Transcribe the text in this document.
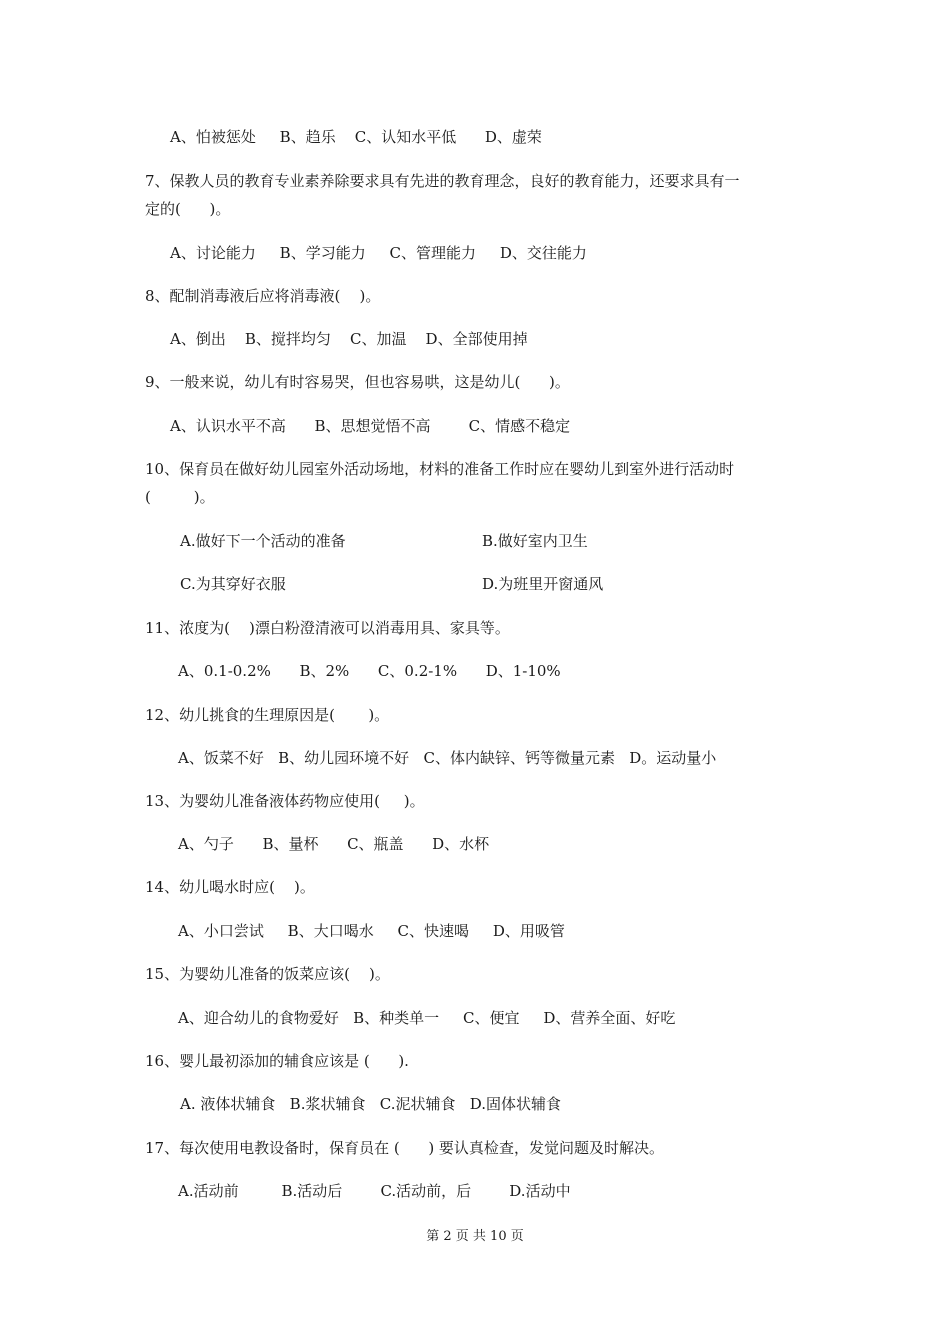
A、怕被惩处     B、趋乐    C、认知水平低      D、虚荣
7、保教人员的教育专业素养除要求具有先进的教育理念，良好的教育能力，还要求具有一
定的(      )。
A、讨论能力     B、学习能力     C、管理能力     D、交往能力
8、配制消毒液后应将消毒液(    )。
A、倒出    B、搅拌均匀    C、加温    D、全部使用掉
9、一般来说，幼儿有时容易哭，但也容易哄，这是幼儿(      )。
A、认识水平不高      B、思想觉悟不高        C、情感不稳定
10、保育员在做好幼儿园室外活动场地，材料的准备工作时应在婴幼儿到室外进行活动时
(         )。
A.做好下一个活动的准备	B.做好室内卫生
C.为其穿好衣服	D.为班里开窗通风
11、浓度为(    )漂白粉澄清液可以消毒用具、家具等。
A、0.1-0.2%      B、2%      C、0.2-1%      D、1-10%
12、幼儿挑食的生理原因是(       )。
A、饭菜不好   B、幼儿园环境不好   C、体内缺锌、钙等微量元素   D。运动量小
13、为婴幼儿准备液体药物应使用(     )。
A、勺子      B、量杯      C、瓶盖      D、水杯
14、幼儿喝水时应(    )。
A、小口尝试     B、大口喝水     C、快速喝     D、用吸管
15、为婴幼儿准备的饭菜应该(    )。
A、迎合幼儿的食物爱好   B、种类单一     C、便宜     D、营养全面、好吃
16、婴儿最初添加的辅食应该是 (      ).
A. 液体状辅食   B.浆状辅食   C.泥状辅食   D.固体状辅食
17、每次使用电教设备时，保育员在 (      ) 要认真检查，发觉问题及时解决。
A.活动前         B.活动后        C.活动前，后        D.活动中
第 2 页 共 10 页
